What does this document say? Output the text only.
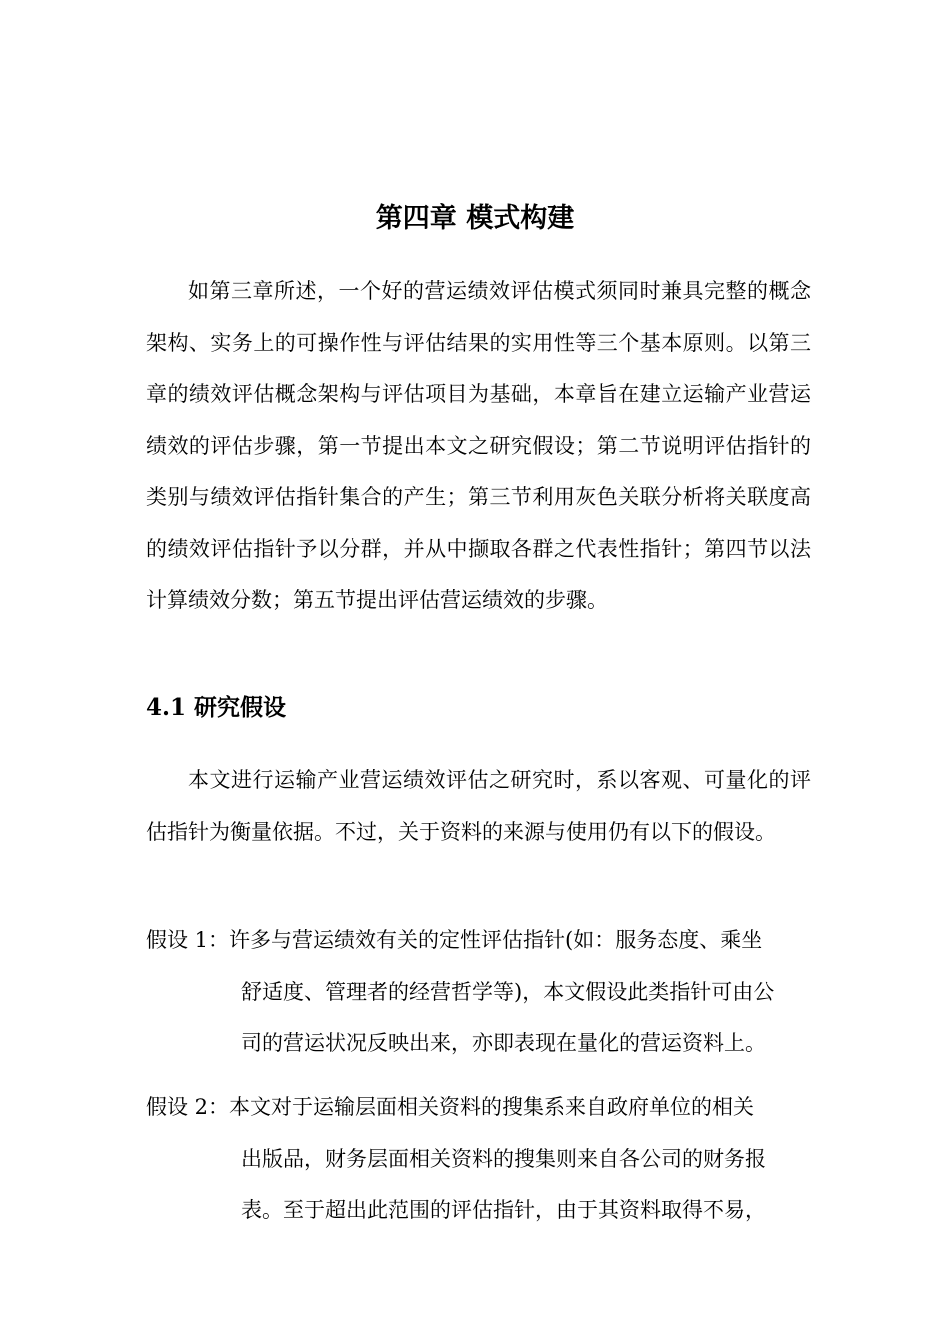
第四章 模式构建

如第三章所述，一个好的营运绩效评估模式须同时兼具完整的概念架构、实务上的可操作性与评估结果的实用性等三个基本原则。以第三章的绩效评估概念架构与评估项目为基础，本章旨在建立运输产业营运绩效的评估步骤，第一节提出本文之研究假设；第二节说明评估指针的类别与绩效评估指针集合的产生；第三节利用灰色关联分析将关联度高的绩效评估指针予以分群，并从中撷取各群之代表性指针；第四节以法计算绩效分数；第五节提出评估营运绩效的步骤。

4.1 研究假设

本文进行运输产业营运绩效评估之研究时，系以客观、可量化的评估指针为衡量依据。不过，关于资料的来源与使用仍有以下的假设。

假设 1：许多与营运绩效有关的定性评估指针(如：服务态度、乘坐
舒适度、管理者的经营哲学等)，本文假设此类指针可由公
司的营运状况反映出来，亦即表现在量化的营运资料上。
假设 2：本文对于运输层面相关资料的搜集系来自政府单位的相关
出版品，财务层面相关资料的搜集则来自各公司的财务报
表。至于超出此范围的评估指针，由于其资料取得不易，
